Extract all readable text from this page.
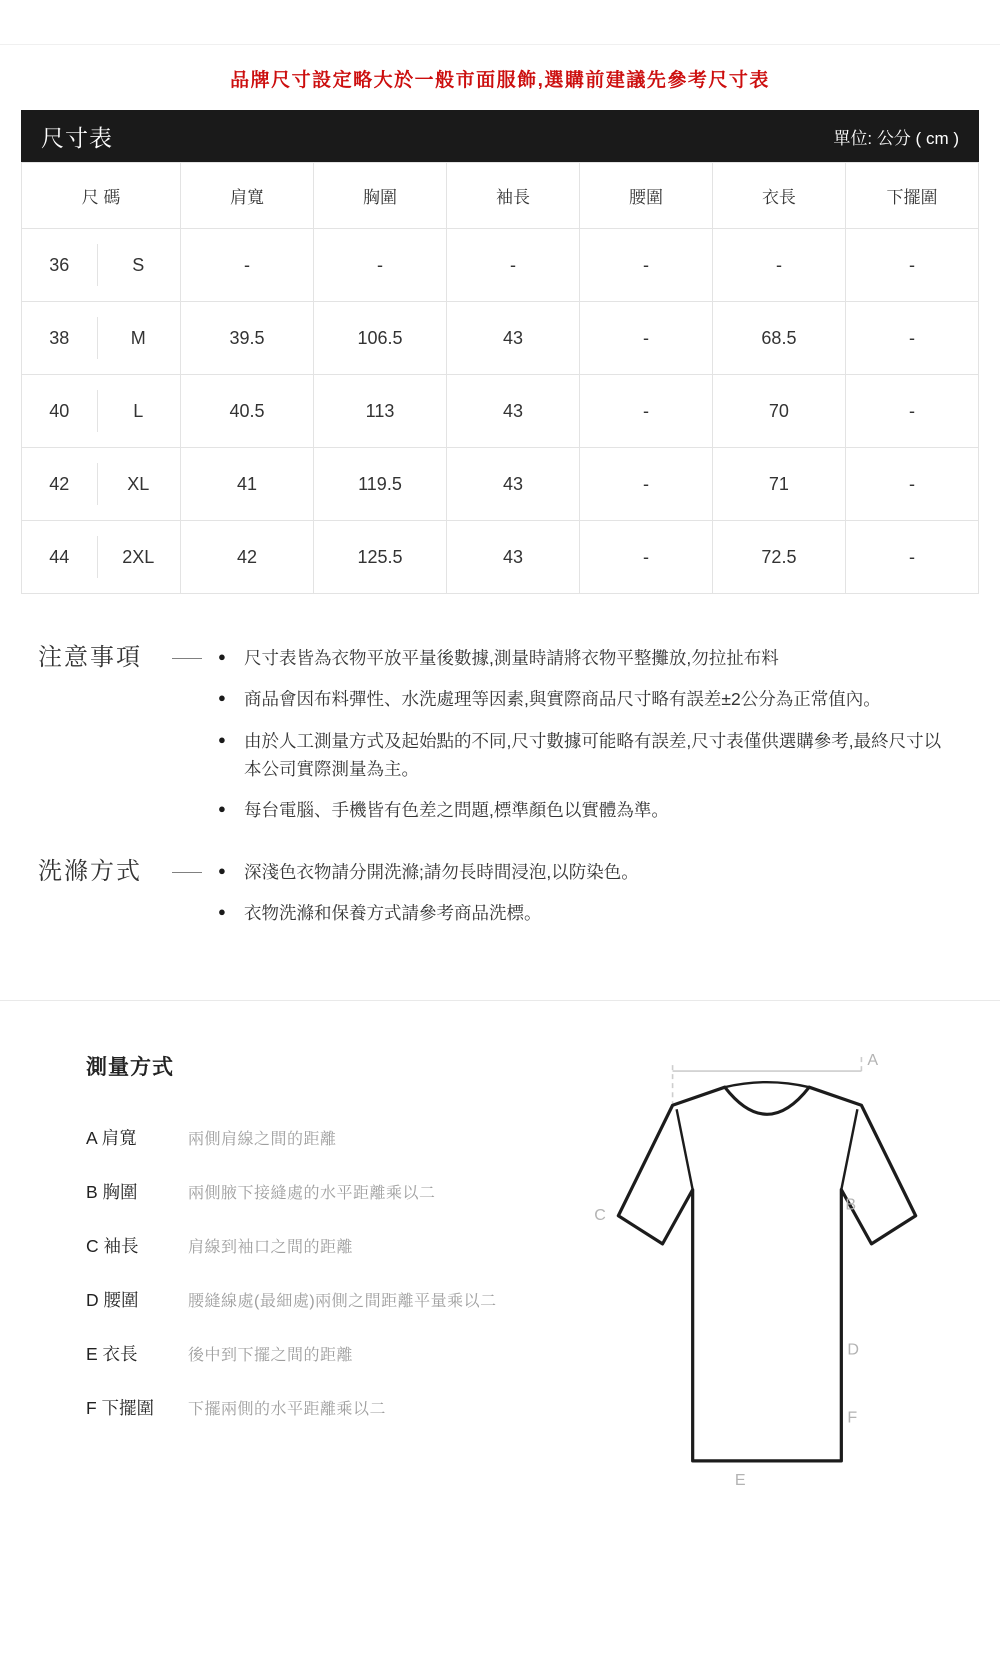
品牌尺寸設定略大於一般市面服飾,選購前建議先參考尺寸表
尺寸表	單位: 公分 ( cm )
尺 碼		肩寬	胸圍	袖長	腰圍	衣長	下擺圍
36	S	-	-	-	-	-	-
38	M	39.5	106.5	43	-	68.5	-
40	L	40.5	113	43	-	70	-
42	XL	41	119.5	43	-	71	-
44	2XL	42	125.5	43	-	72.5	-
注意事項	● 尺寸表皆為衣物平放平量後數據,測量時請將衣物平整攤放,勿拉扯布料
● 商品會因布料彈性、水洗處理等因素,與實際商品尺寸略有誤差±2公分為正常值內。
● 由於人工測量方式及起始點的不同,尺寸數據可能略有誤差,尺寸表僅供選購參考,最終尺寸以本公司實際測量為主。
● 每台電腦、手機皆有色差之問題,標準顏色以實體為準。
洗滌方式	● 深淺色衣物請分開洗滌;請勿長時間浸泡,以防染色。
● 衣物洗滌和保養方式請參考商品洗標。
測量方式
A 肩寬	兩側肩線之間的距離
B 胸圍	兩側腋下接縫處的水平距離乘以二
C 袖長	肩線到袖口之間的距離
D 腰圍	腰縫線處(最細處)兩側之間距離平量乘以二
E 衣長	後中到下擺之間的距離
F 下擺圍	下擺兩側的水平距離乘以二
A
B
C
D
E
F
